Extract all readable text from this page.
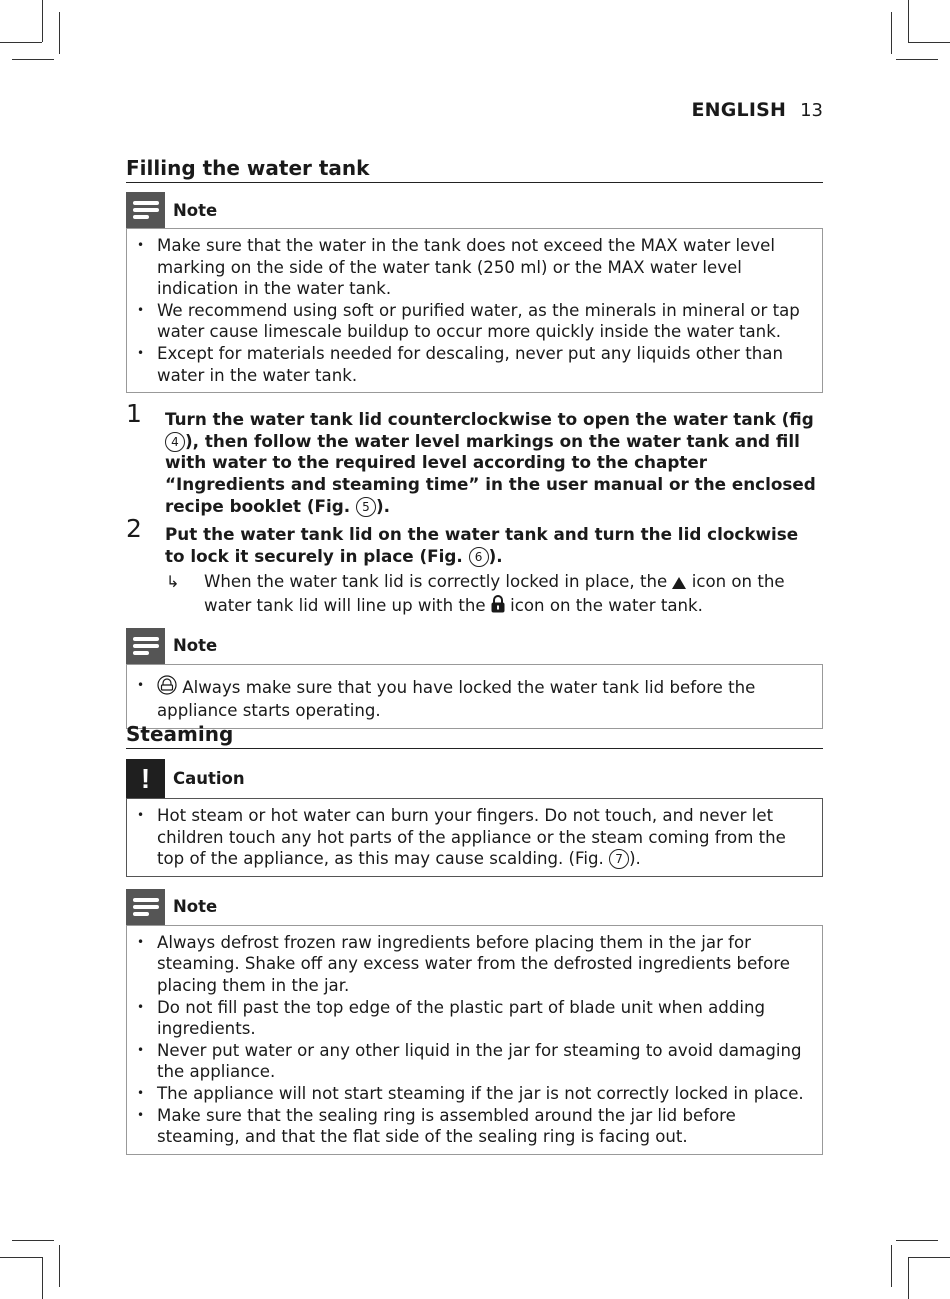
ENGLISH 13
Filling the water tank
Note
• Make sure that the water in the tank does not exceed the MAX water level marking on the side of the water tank (250 ml) or the MAX water level indication in the water tank.
• We recommend using soft or purified water, as the minerals in mineral or tap water cause limescale buildup to occur more quickly inside the water tank.
• Except for materials needed for descaling, never put any liquids other than water in the water tank.
1 Turn the water tank lid counterclockwise to open the water tank (fig 4 ), then follow the water level markings on the water tank and fill with water to the required level according to the chapter “Ingredients and steaming time” in the user manual or the enclosed recipe booklet (Fig. 5 ).
2 Put the water tank lid on the water tank and turn the lid clockwise to lock it securely in place (Fig. 6 ).
↳ When the water tank lid is correctly locked in place, the  icon on the water tank lid will line up with the  icon on the water tank.
Note
• Always make sure that you have locked the water tank lid before the appliance starts operating.
Steaming
! Caution
• Hot steam or hot water can burn your fingers. Do not touch, and never let children touch any hot parts of the appliance or the steam coming from the top of the appliance, as this may cause scalding. (Fig. 7 ).
Note
• Always defrost frozen raw ingredients before placing them in the jar for steaming. Shake off any excess water from the defrosted ingredients before placing them in the jar.
• Do not fill past the top edge of the plastic part of blade unit when adding ingredients.
• Never put water or any other liquid in the jar for steaming to avoid damaging the appliance.
• The appliance will not start steaming if the jar is not correctly locked in place.
• Make sure that the sealing ring is assembled around the jar lid before steaming, and that the flat side of the sealing ring is facing out.
